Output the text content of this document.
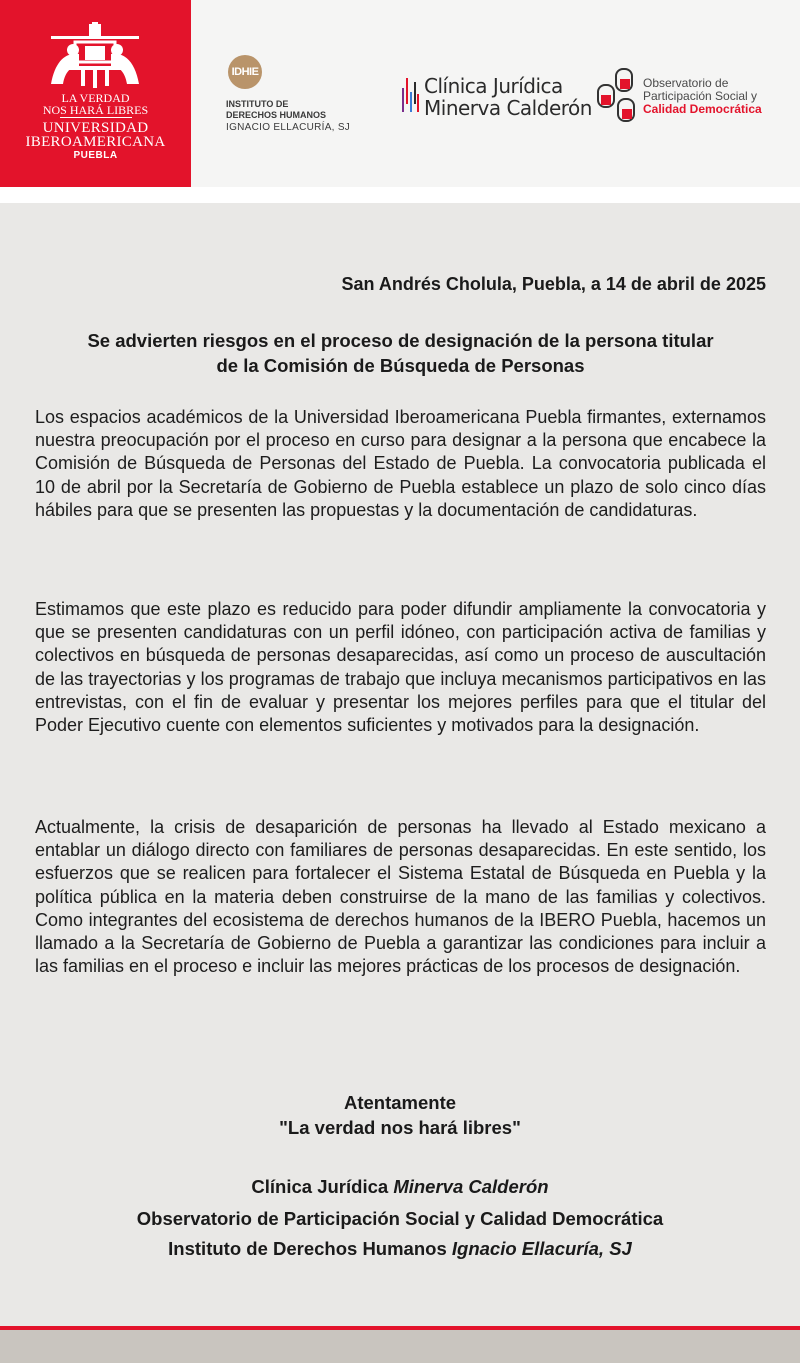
LA VERDAD
NOS HARÁ LIBRES
UNIVERSIDAD
IBEROAMERICANA
PUEBLA
IDHIE
INSTITUTO DE
DERECHOS HUMANOS
IGNACIO ELLACURÍA, SJ
Clínica Jurídica
Minerva Calderón
Observatorio de
Participación Social y
Calidad Democrática
San Andrés Cholula, Puebla, a 14 de abril de 2025
Se advierten riesgos en el proceso de designación de la persona titular
de la Comisión de Búsqueda de Personas

Los espacios académicos de la Universidad Iberoamericana Puebla firmantes, externamos nuestra preocupación por el proceso en curso para designar a la persona que encabece la Comisión de Búsqueda de Personas del Estado de Puebla. La convocatoria publicada el 10 de abril por la Secretaría de Gobierno de Puebla establece un plazo de solo cinco días hábiles para que se presenten las propuestas y la documentación de candidaturas.

Estimamos que este plazo es reducido para poder difundir ampliamente la convocatoria y que se presenten candidaturas con un perfil idóneo, con participación activa de familias y colectivos en búsqueda de personas desaparecidas, así como un proceso de auscultación de las trayectorias y los programas de trabajo que incluya mecanismos participativos en las entrevistas, con el fin de evaluar y presentar los mejores perfiles para que el titular del Poder Ejecutivo cuente con elementos suficientes y motivados para la designación.

Actualmente, la crisis de desaparición de personas ha llevado al Estado mexicano a entablar un diálogo directo con familiares de personas desaparecidas. En este sentido, los esfuerzos que se realicen para fortalecer el Sistema Estatal de Búsqueda en Puebla y la política pública en la materia deben construirse de la mano de las familias y colectivos. Como integrantes del ecosistema de derechos humanos de la IBERO Puebla, hacemos un llamado a la Secretaría de Gobierno de Puebla a garantizar las condiciones para incluir a las familias en el proceso e incluir las mejores prácticas de los procesos de designación.

Atentamente
"La verdad nos hará libres"
Clínica Jurídica Minerva Calderón
Observatorio de Participación Social y Calidad Democrática
Instituto de Derechos Humanos Ignacio Ellacuría, SJ
